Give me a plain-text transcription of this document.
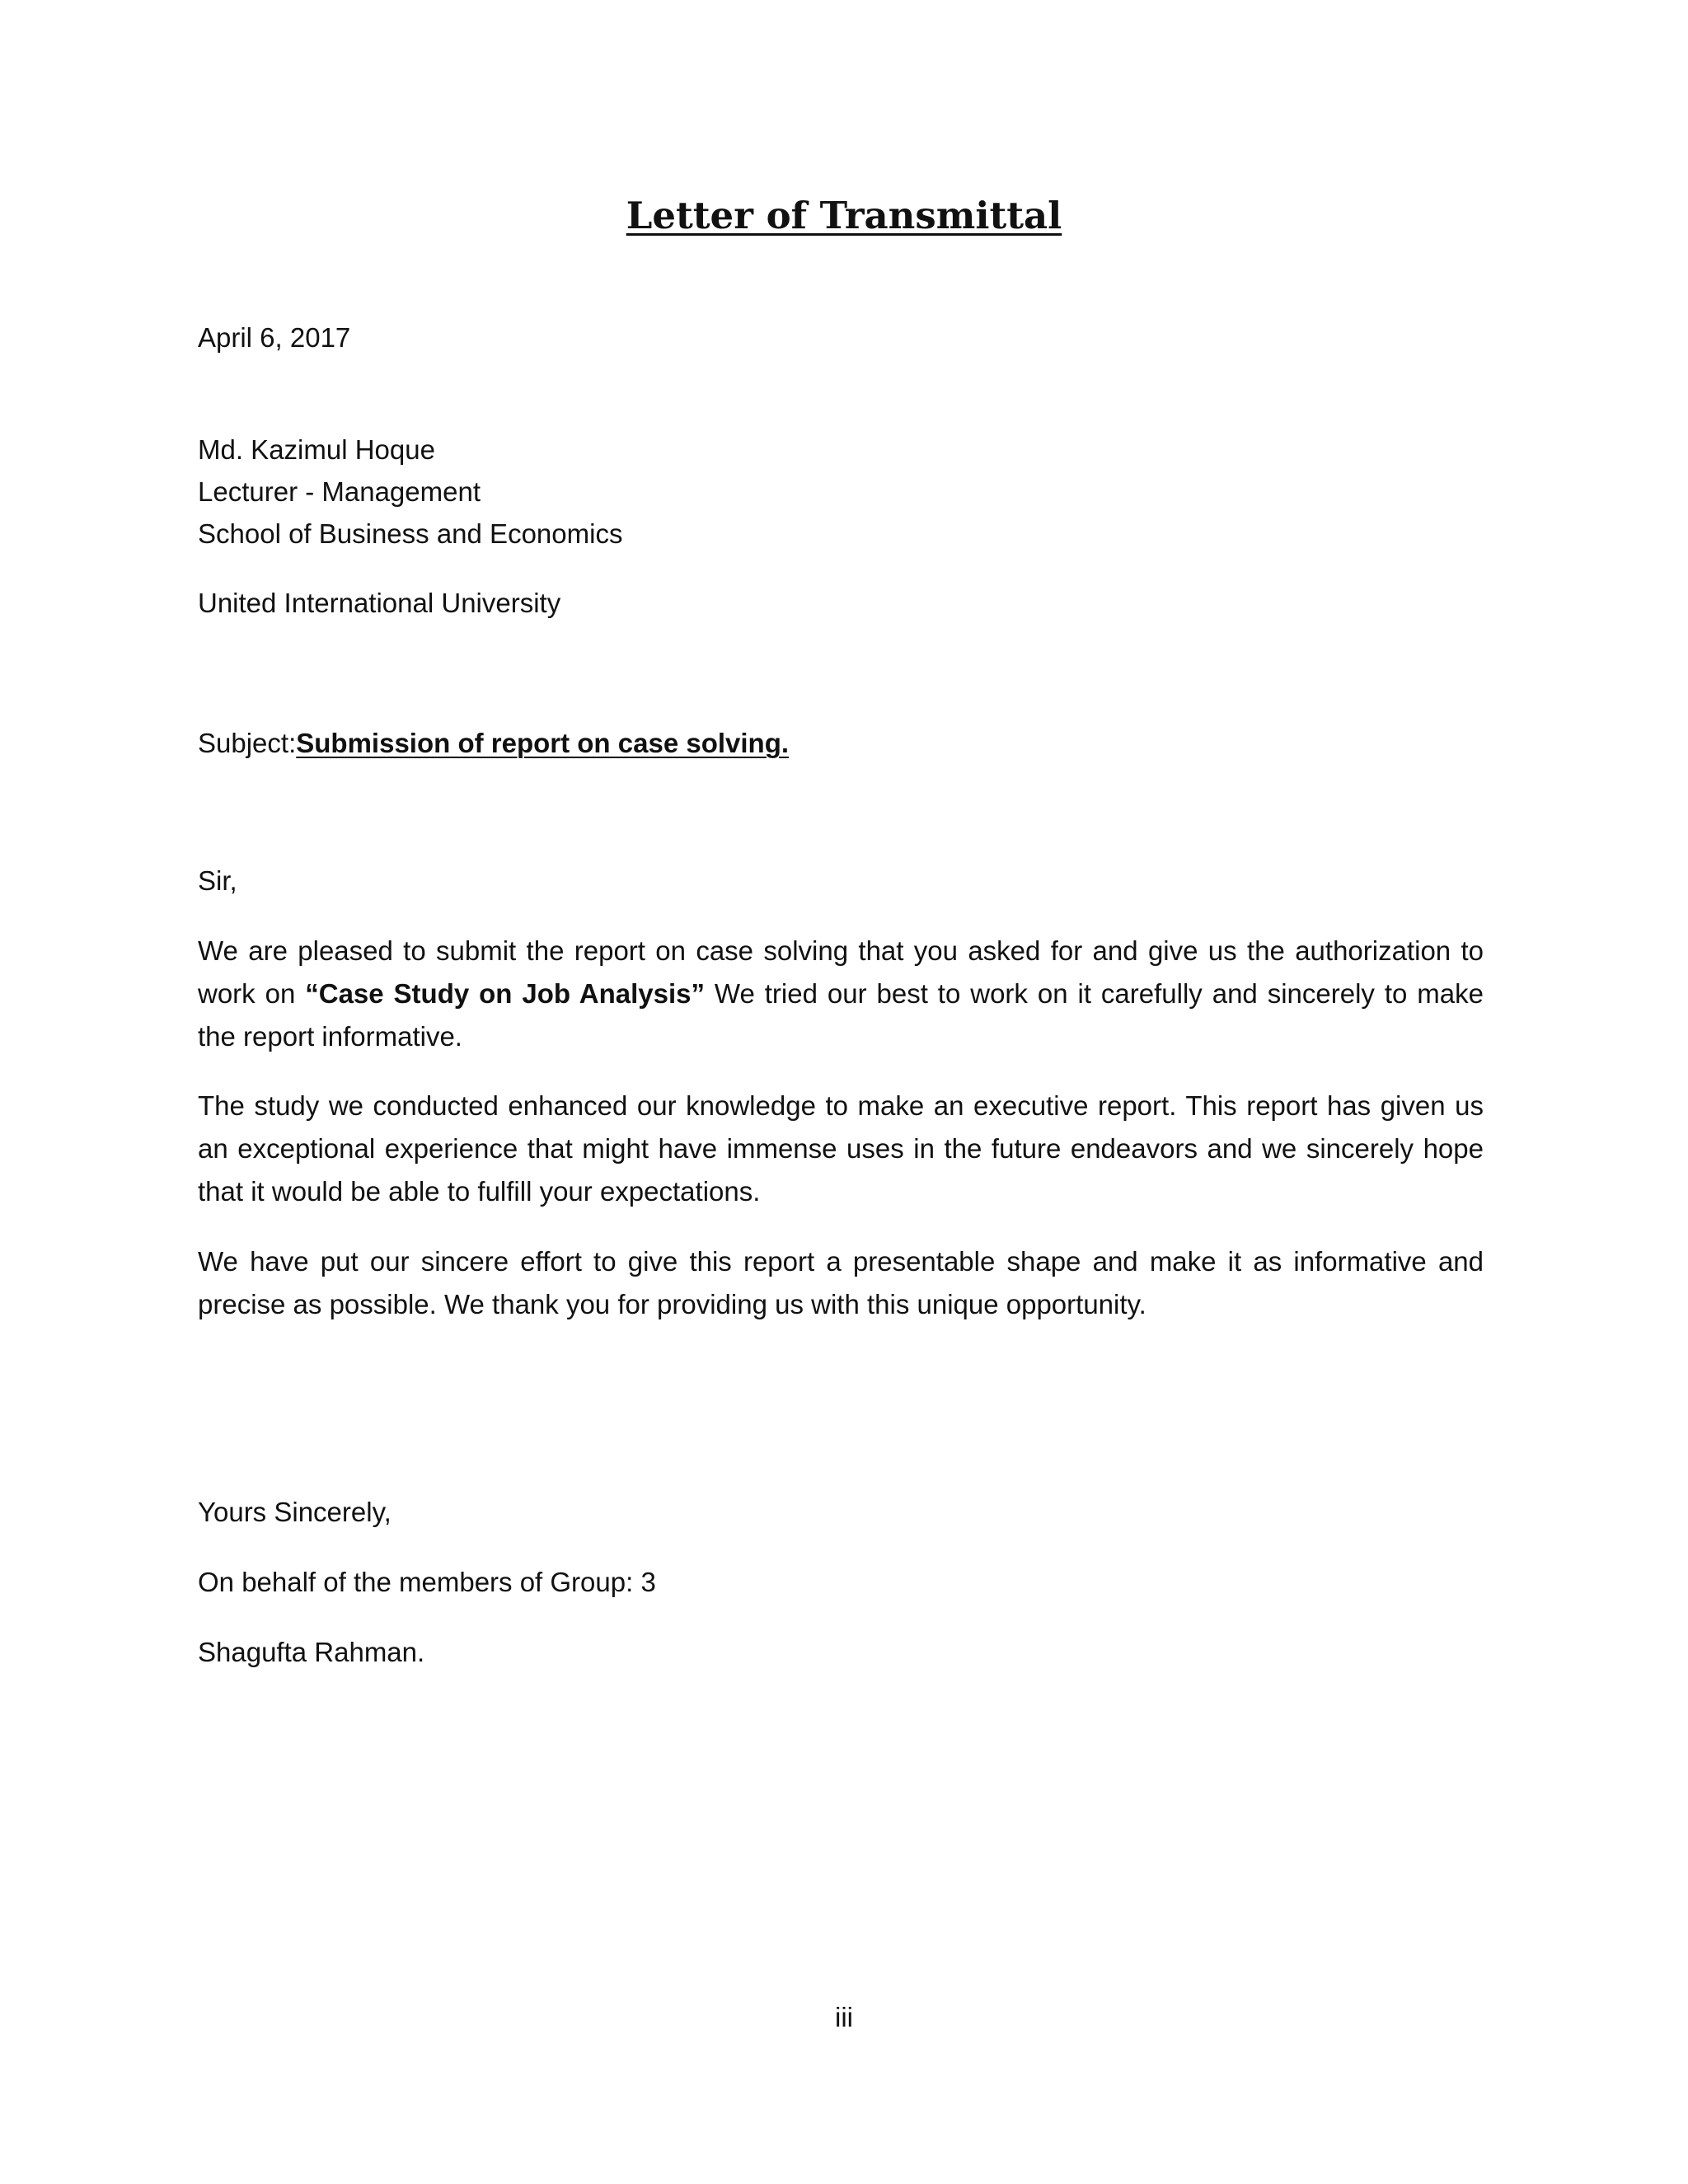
Letter of Transmittal
April 6, 2017
Md. Kazimul Hoque
Lecturer - Management
School of Business and Economics
United International University
Subject:Submission of report on case solving.
Sir,
We are pleased to submit the report on case solving that you asked for and give us the authorization to
work on “Case Study on Job Analysis” We tried our best to work on it carefully and sincerely to make
the report informative.
The study we conducted enhanced our knowledge to make an executive report. This report has given us
an exceptional experience that might have immense uses in the future endeavors and we sincerely hope
that it would be able to fulfill your expectations.
We have put our sincere effort to give this report a presentable shape and make it as informative and
precise as possible. We thank you for providing us with this unique opportunity.
Yours Sincerely,
On behalf of the members of Group: 3
Shagufta Rahman.
iii
